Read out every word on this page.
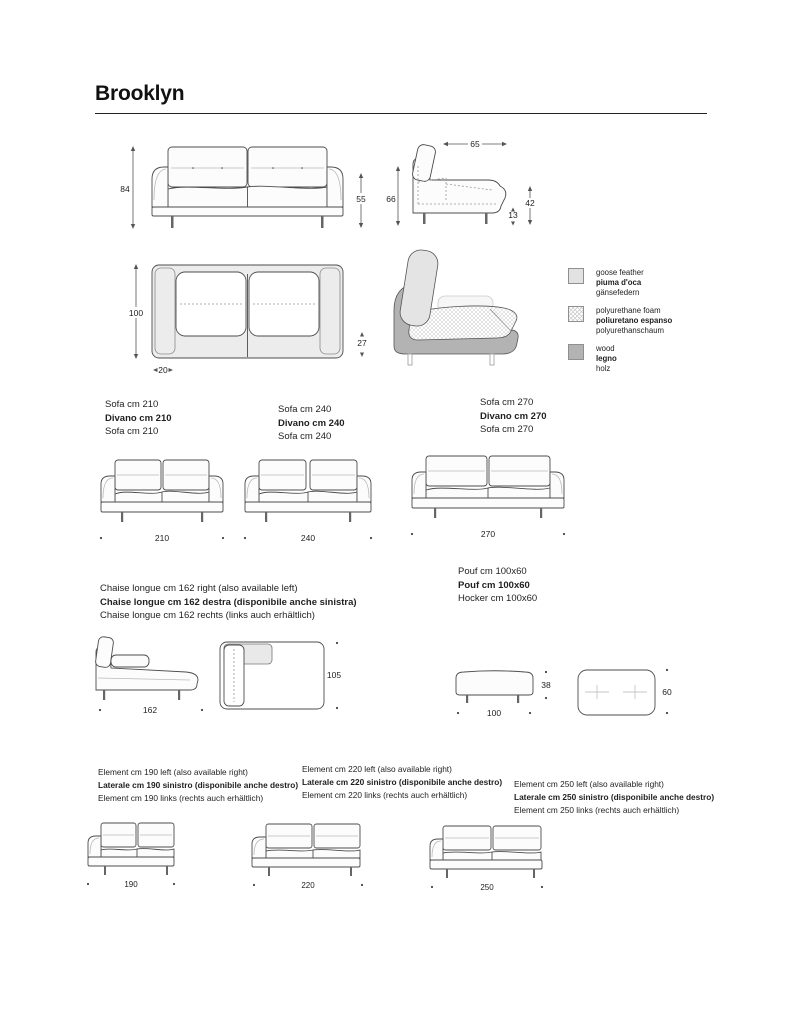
Brooklyn
84
55
65
66	42
13
100
27
20
goose feather
piuma d'oca
gänsefedern
polyurethane foam
poliuretano espanso
polyurethanschaum
wood
legno
holz
Sofa cm 210
Divano cm 210
Sofa cm 210
Sofa cm 240
Divano cm 240
Sofa cm 240
Sofa cm 270
Divano cm 270
Sofa cm 270
210	240	270
Chaise longue cm 162 right (also available left)
Chaise longue cm 162 destra (disponibile anche sinistra)
Chaise longue cm 162 rechts (links auch erhältlich)
Pouf cm 100x60
Pouf cm 100x60
Hocker cm 100x60
162
105
38
100
60
Element cm 190 left (also available right)
Laterale cm 190 sinistro (disponibile anche destro)
Element cm 190 links (rechts auch erhältlich)
Element cm 220 left (also available right)
Laterale cm 220 sinistro (disponibile anche destro)
Element cm 220 links (rechts auch erhältlich)
Element cm 250 left (also available right)
Laterale cm 250 sinistro (disponibile anche destro)
Element cm 250 links (rechts auch erhältlich)
190	220	250
